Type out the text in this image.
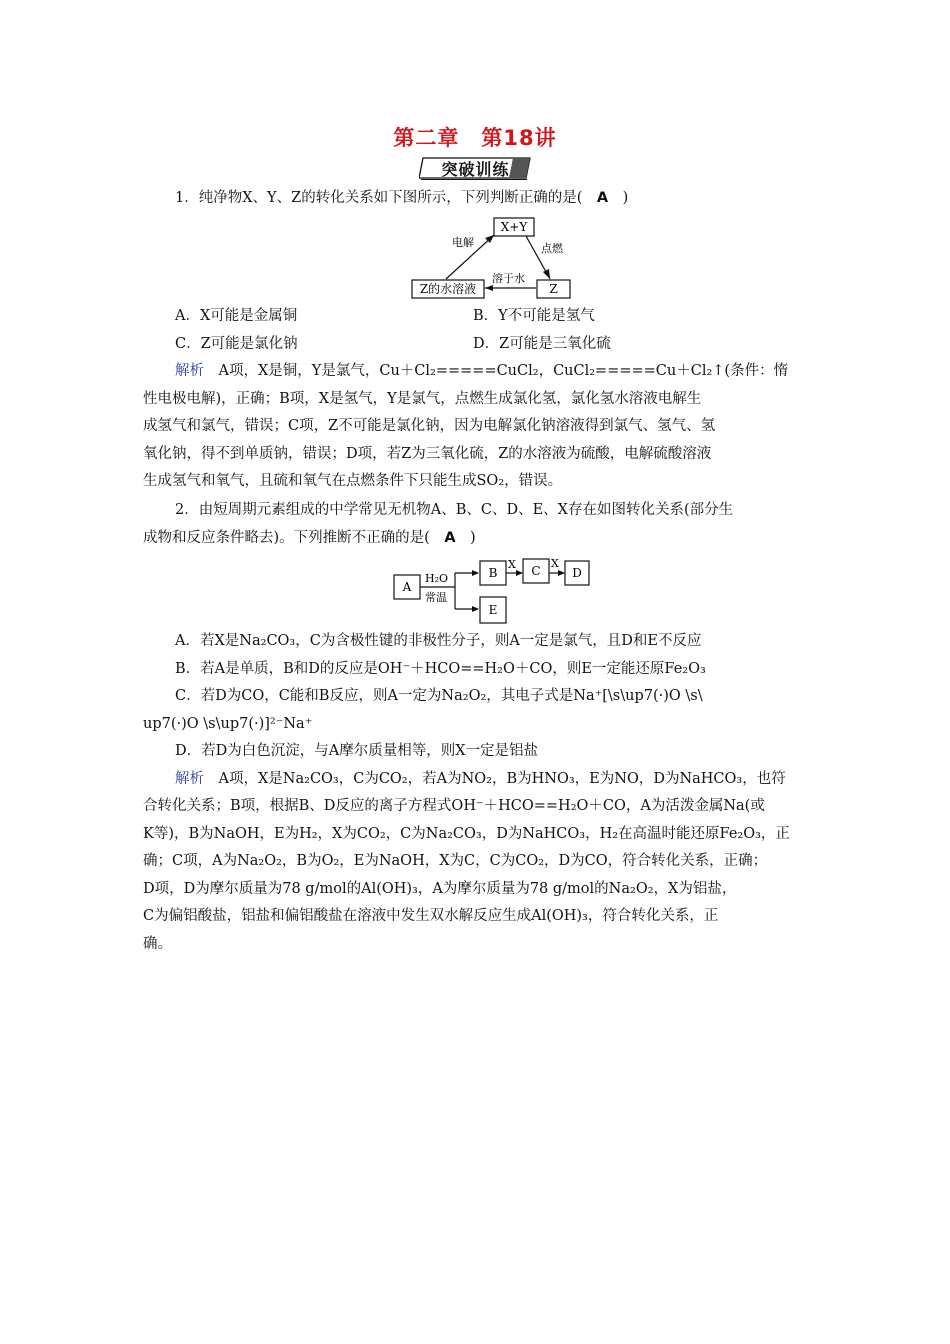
第二章　第18讲
突破训练
1．纯净物X、Y、Z的转化关系如下图所示，下列判断正确的是(　A　)
X+Y
Z的水溶液	Z
电解	点燃
溶于水
A．X可能是金属铜	B．Y不可能是氢气
C．Z可能是氯化钠	D．Z可能是三氧化硫
解析　A项，X是铜，Y是氯气，Cu＋Cl₂=====CuCl₂，CuCl₂=====Cu＋Cl₂↑(条件：惰
性电极电解)，正确；B项，X是氢气，Y是氯气，点燃生成氯化氢，氯化氢水溶液电解生
成氢气和氯气，错误；C项，Z不可能是氯化钠，因为电解氯化钠溶液得到氯气、氢气、氢
氧化钠，得不到单质钠，错误；D项，若Z为三氧化硫，Z的水溶液为硫酸，电解硫酸溶液
生成氢气和氧气，且硫和氧气在点燃条件下只能生成SO₂，错误。
2．由短周期元素组成的中学常见无机物A、B、C、D、E、X存在如图转化关系(部分生
成物和反应条件略去)。下列推断不正确的是(　A　)
A
H₂O
常温
B
X C
X
D
E
A．若X是Na₂CO₃，C为含极性键的非极性分子，则A一定是氯气，且D和E不反应
B．若A是单质，B和D的反应是OH⁻＋HCO==H₂O＋CO，则E一定能还原Fe₂O₃
C．若D为CO，C能和B反应，则A一定为Na₂O₂，其电子式是Na⁺[\s\up7(·)O \s\
up7(·)O \s\up7(·)]²⁻Na⁺
D．若D为白色沉淀，与A摩尔质量相等，则X一定是铝盐
解析　A项，X是Na₂CO₃，C为CO₂，若A为NO₂，B为HNO₃，E为NO，D为NaHCO₃，也符
合转化关系；B项，根据B、D反应的离子方程式OH⁻＋HCO==H₂O＋CO，A为活泼金属Na(或
K等)，B为NaOH，E为H₂，X为CO₂，C为Na₂CO₃，D为NaHCO₃，H₂在高温时能还原Fe₂O₃，正
确；C项，A为Na₂O₂，B为O₂，E为NaOH，X为C，C为CO₂，D为CO，符合转化关系，正确；
D项，D为摩尔质量为78 g/mol的Al(OH)₃，A为摩尔质量为78 g/mol的Na₂O₂，X为铝盐，
C为偏铝酸盐，铝盐和偏铝酸盐在溶液中发生双水解反应生成Al(OH)₃，符合转化关系，正
确。
